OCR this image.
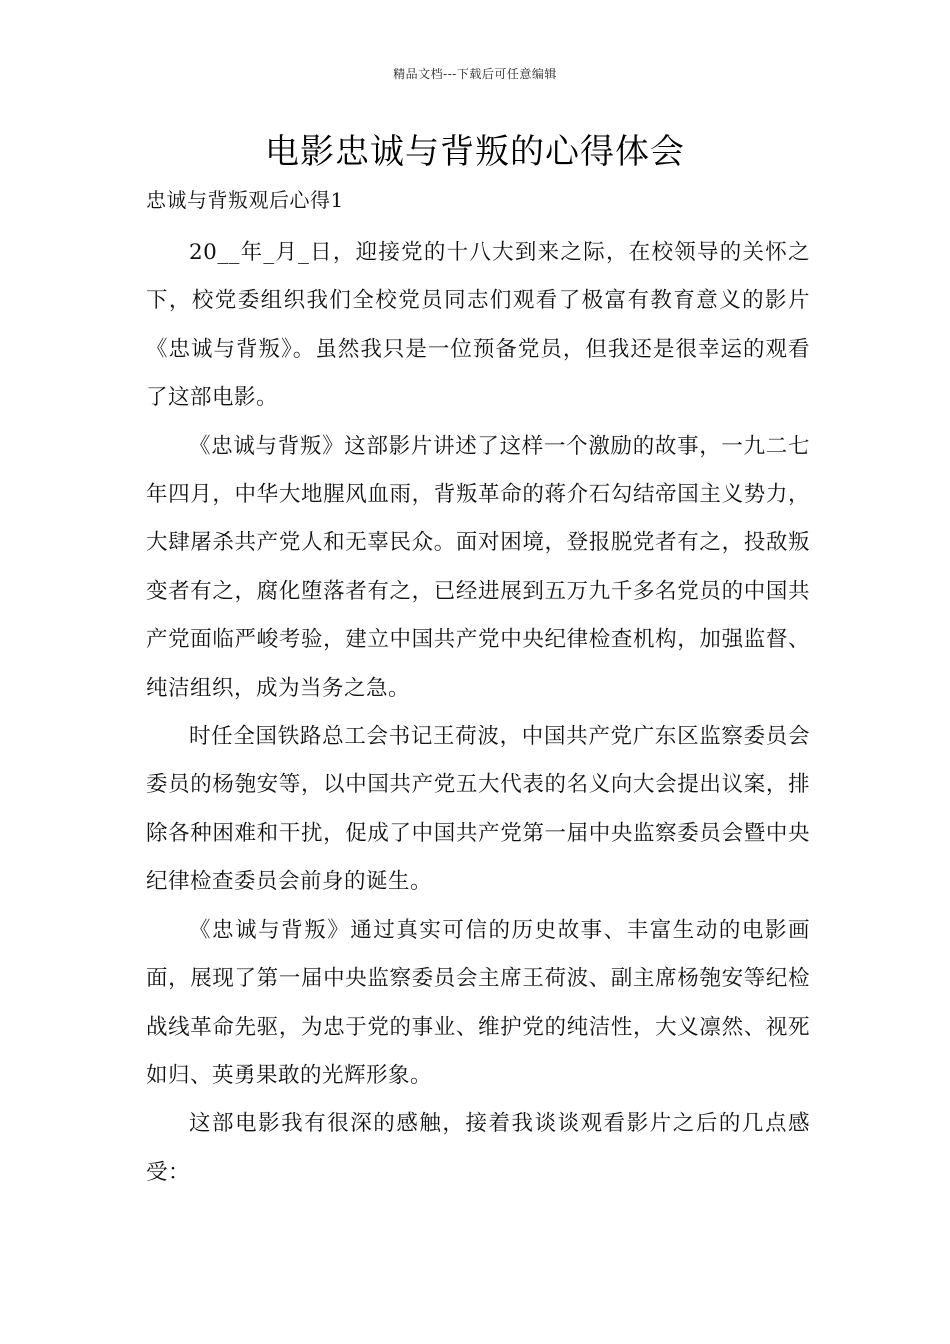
精品文档---下载后可任意编辑
电影忠诚与背叛的心得体会
忠诚与背叛观后心得1

20__年_月_日，迎接党的十八大到来之际，在校领导的关怀之下，校党委组织我们全校党员同志们观看了极富有教育意义的影片《忠诚与背叛》。虽然我只是一位预备党员，但我还是很幸运的观看了这部电影。

《忠诚与背叛》这部影片讲述了这样一个激励的故事，一九二七年四月，中华大地腥风血雨，背叛革命的蒋介石勾结帝国主义势力，大肆屠杀共产党人和无辜民众。面对困境，登报脱党者有之，投敌叛变者有之，腐化堕落者有之，已经进展到五万九千多名党员的中国共产党面临严峻考验，建立中国共产党中央纪律检查机构，加强监督、纯洁组织，成为当务之急。

时任全国铁路总工会书记王荷波，中国共产党广东区监察委员会委员的杨匏安等，以中国共产党五大代表的名义向大会提出议案，排除各种困难和干扰，促成了中国共产党第一届中央监察委员会暨中央纪律检查委员会前身的诞生。

《忠诚与背叛》通过真实可信的历史故事、丰富生动的电影画面，展现了第一届中央监察委员会主席王荷波、副主席杨匏安等纪检战线革命先驱，为忠于党的事业、维护党的纯洁性，大义凛然、视死如归、英勇果敢的光辉形象。

这部电影我有很深的感触，接着我谈谈观看影片之后的几点感受：
